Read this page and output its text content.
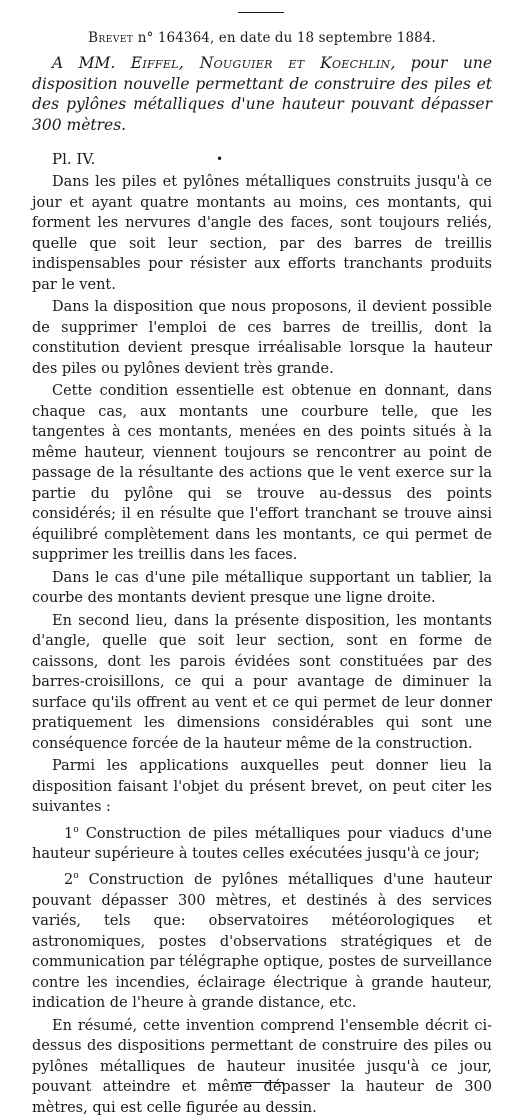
Brevet n° 164364, en date du 18 septembre 1884.
A MM. Eiffel, Nouguier et Koechlin, pour une disposition nouvelle permettant de construire des piles et des pylônes métalliques d'une hauteur pouvant dépasser 300 mètres.
Pl. IV.	•

Dans les piles et pylônes métalliques construits jusqu'à ce jour et ayant quatre montants au moins, ces montants, qui forment les nervures d'angle des faces, sont toujours reliés, quelle que soit leur section, par des barres de treillis indispensables pour résister aux efforts tranchants produits par le vent.

Dans la disposition que nous proposons, il devient possible de supprimer l'emploi de ces barres de treillis, dont la constitution devient presque irréalisable lorsque la hauteur des piles ou pylônes devient très grande.

Cette condition essentielle est obtenue en donnant, dans chaque cas, aux montants une courbure telle, que les tangentes à ces montants, menées en des points situés à la même hauteur, viennent toujours se rencontrer au point de passage de la résultante des actions que le vent exerce sur la partie du pylône qui se trouve au-dessus des points considérés; il en résulte que l'effort tranchant se trouve ainsi équilibré complètement dans les montants, ce qui permet de supprimer les treillis dans les faces.

Dans le cas d'une pile métallique supportant un tablier, la courbe des montants devient presque une ligne droite.

En second lieu, dans la présente disposition, les montants d'angle, quelle que soit leur section, sont en forme de caissons, dont les parois évidées sont constituées par des barres-croisillons, ce qui a pour avantage de diminuer la surface qu'ils offrent au vent et ce qui permet de leur donner pratiquement les dimensions considérables qui sont une conséquence forcée de la hauteur même de la construction.

Parmi les applications auxquelles peut donner lieu la disposition faisant l'objet du présent brevet, on peut citer les suivantes :

1$^o$ Construction de piles métalliques pour viaducs d'une hauteur supérieure à toutes celles exécutées jusqu'à ce jour;

2$^o$ Construction de pylônes métalliques d'une hauteur pouvant dépasser 300 mètres, et destinés à des services variés, tels que: observatoires météorologiques et astronomiques, postes d'observations stratégiques et de communication par télégraphe optique, postes de surveillance contre les incendies, éclairage électrique à grande hauteur, indication de l'heure à grande distance, etc.

En résumé, cette invention comprend l'ensemble décrit ci-dessus des dispositions permettant de construire des piles ou pylônes métalliques de hauteur inusitée jusqu'à ce jour, pouvant atteindre et même dépasser la hauteur de 300 mètres, qui est celle figurée au dessin.
